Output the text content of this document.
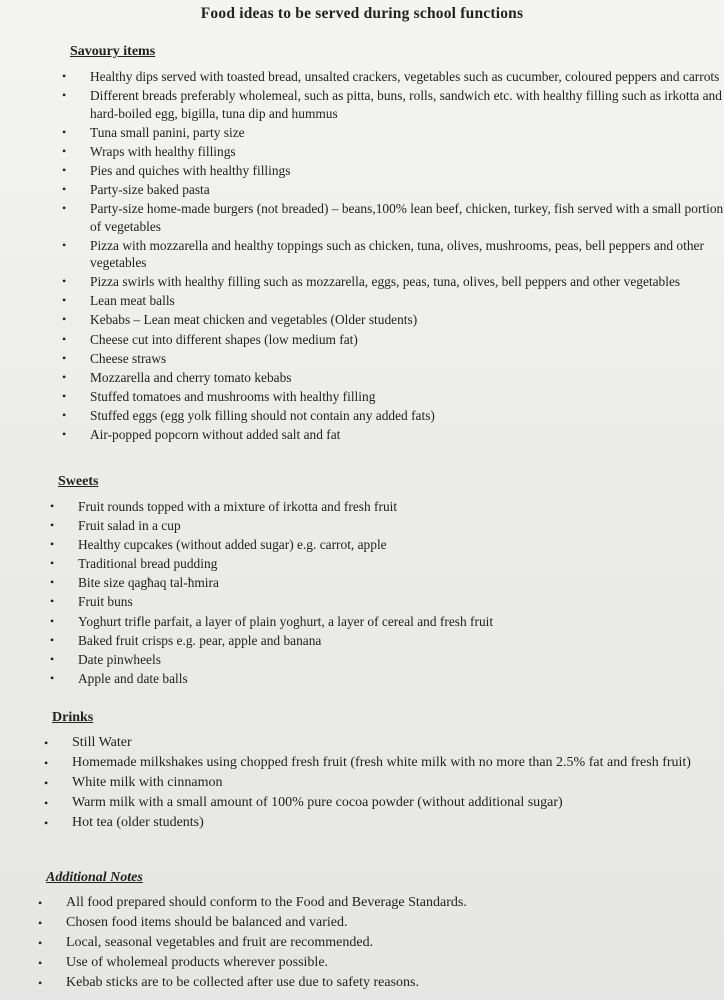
Food ideas to be served during school functions
Savoury items
• Healthy dips served with toasted bread, unsalted crackers, vegetables such as cucumber, coloured peppers and carrots
• Different breads preferably wholemeal, such as pitta, buns, rolls, sandwich etc. with healthy filling such as irkotta and hard-boiled egg, bigilla, tuna dip and hummus
• Tuna small panini, party size
• Wraps with healthy fillings
• Pies and quiches with healthy fillings
• Party-size baked pasta
• Party-size home-made burgers (not breaded) – beans,100% lean beef, chicken, turkey, fish served with a small portion of vegetables
• Pizza with mozzarella and healthy toppings such as chicken, tuna, olives, mushrooms, peas, bell peppers and other vegetables
• Pizza swirls with healthy filling such as mozzarella, eggs, peas, tuna, olives, bell peppers and other vegetables
• Lean meat balls
• Kebabs – Lean meat chicken and vegetables (Older students)
• Cheese cut into different shapes (low medium fat)
• Cheese straws
• Mozzarella and cherry tomato kebabs
• Stuffed tomatoes and mushrooms with healthy filling
• Stuffed eggs (egg yolk filling should not contain any added fats)
• Air-popped popcorn without added salt and fat
Sweets
• Fruit rounds topped with a mixture of irkotta and fresh fruit
• Fruit salad in a cup
• Healthy cupcakes (without added sugar) e.g. carrot, apple
• Traditional bread pudding
• Bite size qagħaq tal-ħmira
• Fruit buns
• Yoghurt trifle parfait, a layer of plain yoghurt, a layer of cereal and fresh fruit
• Baked fruit crisps e.g. pear, apple and banana
• Date pinwheels
• Apple and date balls
Drinks
• Still Water
• Homemade milkshakes using chopped fresh fruit (fresh white milk with no more than 2.5% fat and fresh fruit)
• White milk with cinnamon
• Warm milk with a small amount of 100% pure cocoa powder (without additional sugar)
• Hot tea (older students)
Additional Notes
• All food prepared should conform to the Food and Beverage Standards.
• Chosen food items should be balanced and varied.
• Local, seasonal vegetables and fruit are recommended.
• Use of wholemeal products wherever possible.
• Kebab sticks are to be collected after use due to safety reasons.
